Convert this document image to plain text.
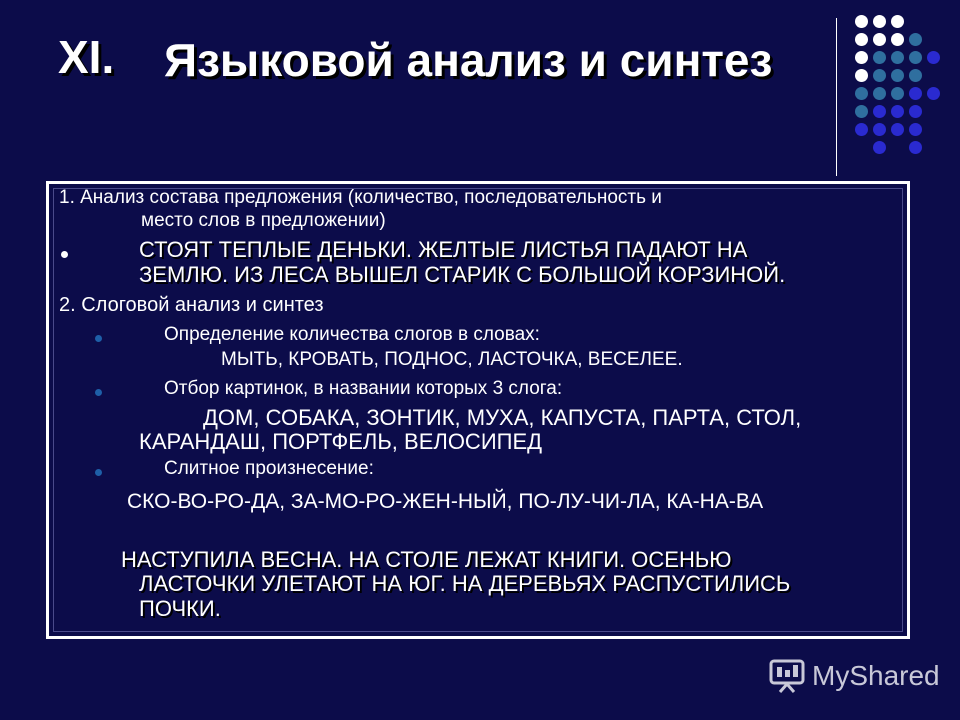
XI. Языковой анализ и синтез

1. Анализ состава предложения (количество, последовательность и

место слов в предложении)

СТОЯТ ТЕПЛЫЕ ДЕНЬКИ. ЖЕЛТЫЕ ЛИСТЬЯ ПАДАЮТ НА

ЗЕМЛЮ. ИЗ ЛЕСА ВЫШЕЛ СТАРИК С БОЛЬШОЙ КОРЗИНОЙ.

2. Слоговой анализ и синтез

Определение количества слогов в словах:

МЫТЬ, КРОВАТЬ, ПОДНОС, ЛАСТОЧКА, ВЕСЕЛЕЕ.

Отбор картинок, в названии которых 3 слога:

ДОМ, СОБАКА, ЗОНТИК, МУХА, КАПУСТА, ПАРТА, СТОЛ,

КАРАНДАШ, ПОРТФЕЛЬ, ВЕЛОСИПЕД

Слитное произнесение:

СКО-ВО-РО-ДА, ЗА-МО-РО-ЖЕН-НЫЙ, ПО-ЛУ-ЧИ-ЛА, КА-НА-ВА

НАСТУПИЛА ВЕСНА. НА СТОЛЕ ЛЕЖАТ КНИГИ. ОСЕНЬЮ

ЛАСТОЧКИ УЛЕТАЮТ НА ЮГ. НА ДЕРЕВЬЯХ РАСПУСТИЛИСЬ

ПОЧКИ.

MyShared
